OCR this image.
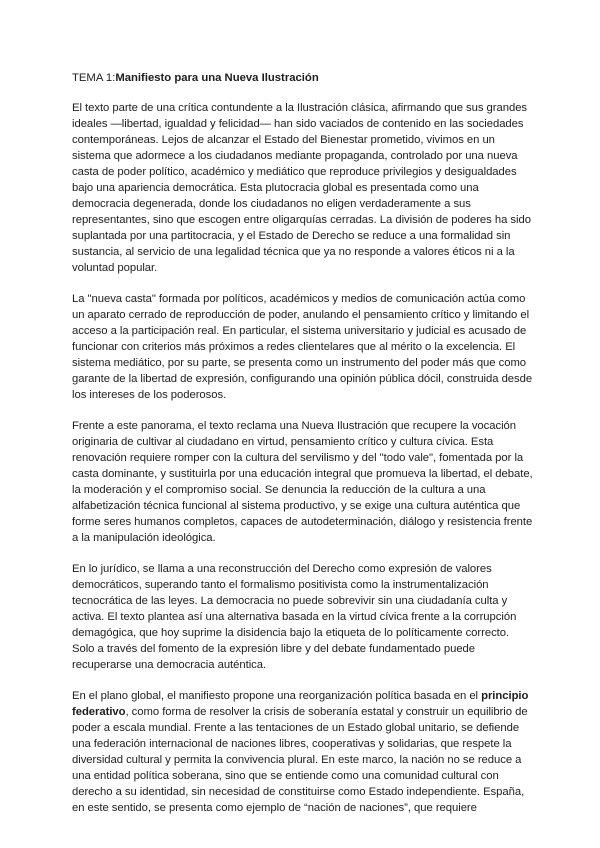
TEMA 1:Manifiesto para una Nueva Ilustración

El texto parte de una crítica contundente a la Ilustración clásica, afirmando que sus grandes ideales —libertad, igualdad y felicidad— han sido vaciados de contenido en las sociedades contemporáneas. Lejos de alcanzar el Estado del Bienestar prometido, vivimos en un sistema que adormece a los ciudadanos mediante propaganda, controlado por una nueva casta de poder político, académico y mediático que reproduce privilegios y desigualdades bajo una apariencia democrática. Esta plutocracia global es presentada como una democracia degenerada, donde los ciudadanos no eligen verdaderamente a sus representantes, sino que escogen entre oligarquías cerradas. La división de poderes ha sido suplantada por una partitocracia, y el Estado de Derecho se reduce a una formalidad sin sustancia, al servicio de una legalidad técnica que ya no responde a valores éticos ni a la voluntad popular.

La "nueva casta" formada por políticos, académicos y medios de comunicación actúa como un aparato cerrado de reproducción de poder, anulando el pensamiento crítico y limitando el acceso a la participación real. En particular, el sistema universitario y judicial es acusado de funcionar con criterios más próximos a redes clientelares que al mérito o la excelencia. El sistema mediático, por su parte, se presenta como un instrumento del poder más que como garante de la libertad de expresión, configurando una opinión pública dócil, construida desde los intereses de los poderosos.

Frente a este panorama, el texto reclama una Nueva Ilustración que recupere la vocación originaria de cultivar al ciudadano en virtud, pensamiento crítico y cultura cívica. Esta renovación requiere romper con la cultura del servilismo y del "todo vale", fomentada por la casta dominante, y sustituirla por una educación integral que promueva la libertad, el debate, la moderación y el compromiso social. Se denuncia la reducción de la cultura a una alfabetización técnica funcional al sistema productivo, y se exige una cultura auténtica que forme seres humanos completos, capaces de autodeterminación, diálogo y resistencia frente a la manipulación ideológica.

En lo jurídico, se llama a una reconstrucción del Derecho como expresión de valores democráticos, superando tanto el formalismo positivista como la instrumentalización tecnocrática de las leyes. La democracia no puede sobrevivir sin una ciudadanía culta y activa. El texto plantea así una alternativa basada en la virtud cívica frente a la corrupción demagógica, que hoy suprime la disidencia bajo la etiqueta de lo políticamente correcto. Solo a través del fomento de la expresión libre y del debate fundamentado puede recuperarse una democracia auténtica.

En el plano global, el manifiesto propone una reorganización política basada en el principio federativo, como forma de resolver la crisis de soberanía estatal y construir un equilibrio de poder a escala mundial. Frente a las tentaciones de un Estado global unitario, se defiende una federación internacional de naciones libres, cooperativas y solidarias, que respete la diversidad cultural y permita la convivencia plural. En este marco, la nación no se reduce a una entidad política soberana, sino que se entiende como una comunidad cultural con derecho a su identidad, sin necesidad de constituirse como Estado independiente. España, en este sentido, se presenta como ejemplo de “nación de naciones”, que requiere
